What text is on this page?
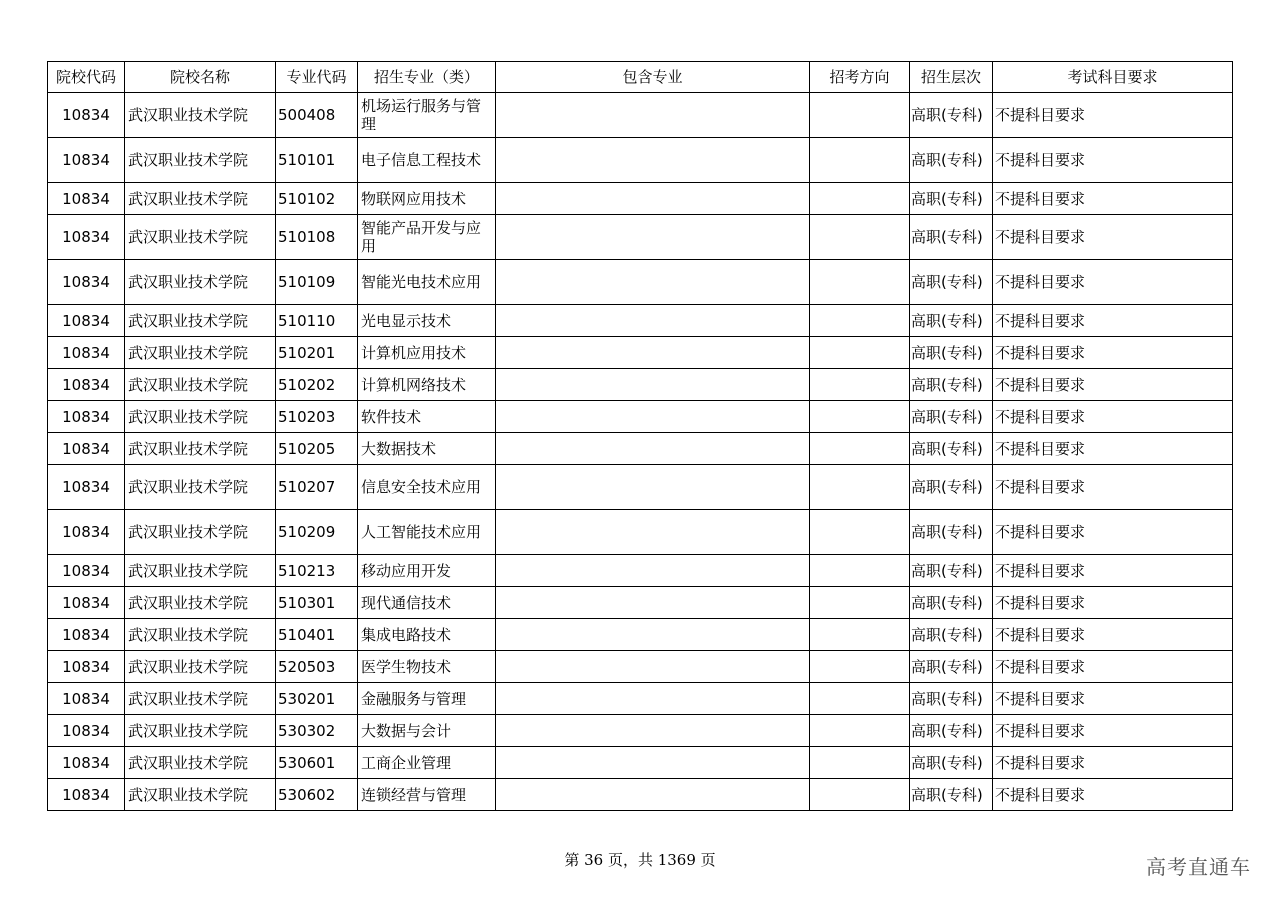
院校代码	院校名称	专业代码	招生专业（类）	包含专业	招考方向	招生层次	考试科目要求
10834	武汉职业技术学院	500408	机场运行服务与管理			高职(专科)	不提科目要求
10834	武汉职业技术学院	510101	电子信息工程技术			高职(专科)	不提科目要求
10834	武汉职业技术学院	510102	物联网应用技术			高职(专科)	不提科目要求
10834	武汉职业技术学院	510108	智能产品开发与应用			高职(专科)	不提科目要求
10834	武汉职业技术学院	510109	智能光电技术应用			高职(专科)	不提科目要求
10834	武汉职业技术学院	510110	光电显示技术			高职(专科)	不提科目要求
10834	武汉职业技术学院	510201	计算机应用技术			高职(专科)	不提科目要求
10834	武汉职业技术学院	510202	计算机网络技术			高职(专科)	不提科目要求
10834	武汉职业技术学院	510203	软件技术			高职(专科)	不提科目要求
10834	武汉职业技术学院	510205	大数据技术			高职(专科)	不提科目要求
10834	武汉职业技术学院	510207	信息安全技术应用			高职(专科)	不提科目要求
10834	武汉职业技术学院	510209	人工智能技术应用			高职(专科)	不提科目要求
10834	武汉职业技术学院	510213	移动应用开发			高职(专科)	不提科目要求
10834	武汉职业技术学院	510301	现代通信技术			高职(专科)	不提科目要求
10834	武汉职业技术学院	510401	集成电路技术			高职(专科)	不提科目要求
10834	武汉职业技术学院	520503	医学生物技术			高职(专科)	不提科目要求
10834	武汉职业技术学院	530201	金融服务与管理			高职(专科)	不提科目要求
10834	武汉职业技术学院	530302	大数据与会计			高职(专科)	不提科目要求
10834	武汉职业技术学院	530601	工商企业管理			高职(专科)	不提科目要求
10834	武汉职业技术学院	530602	连锁经营与管理			高职(专科)	不提科目要求
第 36 页，共 1369 页	高考直通车
